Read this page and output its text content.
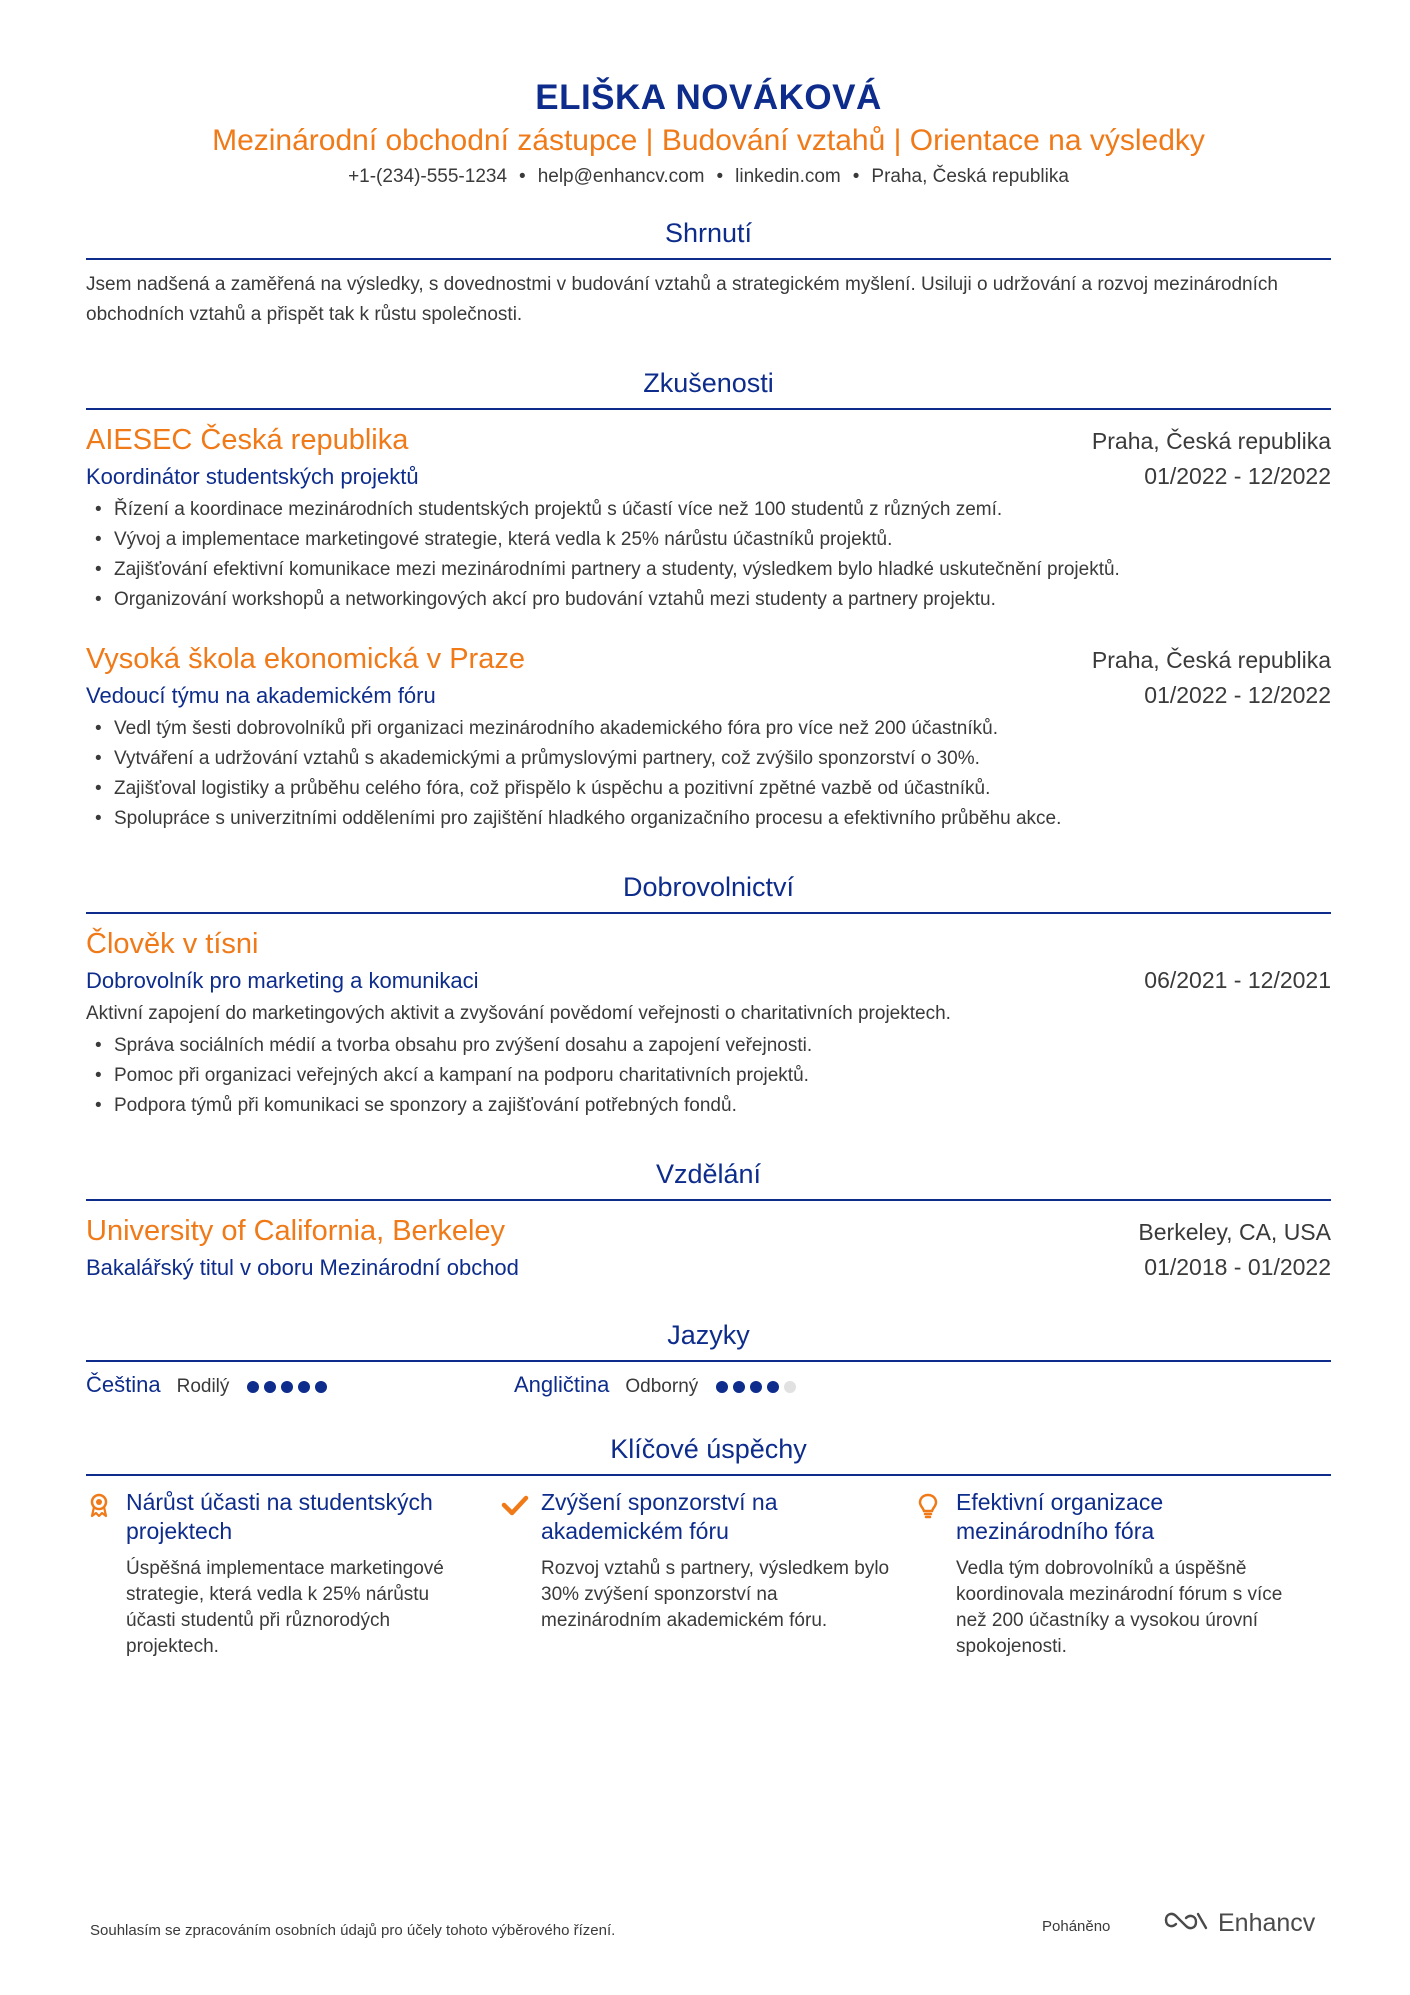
ELIŠKA NOVÁKOVÁ
Mezinárodní obchodní zástupce | Budování vztahů | Orientace na výsledky
+1-(234)-555-1234 • help@enhancv.com • linkedin.com • Praha, Česká republika
Shrnutí
Jsem nadšená a zaměřená na výsledky, s dovednostmi v budování vztahů a strategickém myšlení. Usiluji o udržování a rozvoj mezinárodních obchodních vztahů a přispět tak k růstu společnosti.
Zkušenosti
AIESEC Česká republika	Praha, Česká republika
Koordinátor studentských projektů	01/2022 - 12/2022
• Řízení a koordinace mezinárodních studentských projektů s účastí více než 100 studentů z různých zemí.
• Vývoj a implementace marketingové strategie, která vedla k 25% nárůstu účastníků projektů.
• Zajišťování efektivní komunikace mezi mezinárodními partnery a studenty, výsledkem bylo hladké uskutečnění projektů.
• Organizování workshopů a networkingových akcí pro budování vztahů mezi studenty a partnery projektu.
Vysoká škola ekonomická v Praze	Praha, Česká republika
Vedoucí týmu na akademickém fóru	01/2022 - 12/2022
• Vedl tým šesti dobrovolníků při organizaci mezinárodního akademického fóra pro více než 200 účastníků.
• Vytváření a udržování vztahů s akademickými a průmyslovými partnery, což zvýšilo sponzorství o 30%.
• Zajišťoval logistiky a průběhu celého fóra, což přispělo k úspěchu a pozitivní zpětné vazbě od účastníků.
• Spolupráce s univerzitními odděleními pro zajištění hladkého organizačního procesu a efektivního průběhu akce.
Dobrovolnictví
Člověk v tísni
Dobrovolník pro marketing a komunikaci	06/2021 - 12/2021
Aktivní zapojení do marketingových aktivit a zvyšování povědomí veřejnosti o charitativních projektech.
• Správa sociálních médií a tvorba obsahu pro zvýšení dosahu a zapojení veřejnosti.
• Pomoc při organizaci veřejných akcí a kampaní na podporu charitativních projektů.
• Podpora týmů při komunikaci se sponzory a zajišťování potřebných fondů.
Vzdělání
University of California, Berkeley	Berkeley, CA, USA
Bakalářský titul v oboru Mezinárodní obchod	01/2018 - 01/2022
Jazyky
Čeština Rodilý	Angličtina Odborný
Klíčové úspěchy
Nárůst účasti na studentských projektech
Úspěšná implementace marketingové strategie, která vedla k 25% nárůstu účasti studentů při různorodých projektech.
Zvýšení sponzorství na akademickém fóru
Rozvoj vztahů s partnery, výsledkem bylo 30% zvýšení sponzorství na mezinárodním akademickém fóru.
Efektivní organizace mezinárodního fóra
Vedla tým dobrovolníků a úspěšně koordinovala mezinárodní fórum s více než 200 účastníky a vysokou úrovní spokojenosti.
Souhlasím se zpracováním osobních údajů pro účely tohoto výběrového řízení.	Poháněno	Enhancv
